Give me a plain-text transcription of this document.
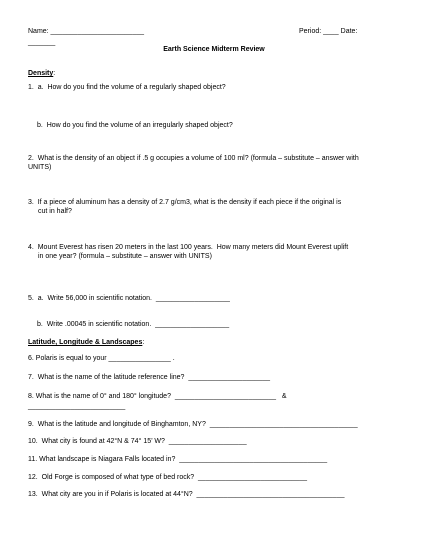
Name: ________________________	Period: ____ Date:
_______
Earth Science Midterm Review
Density:
1.  a.  How do you find the volume of a regularly shaped object?
b.  How do you find the volume of an irregularly shaped object?
2.  What is the density of an object if .5 g occupies a volume of 100 ml? (formula – substitute – answer with
UNITS)
3.  If a piece of aluminum has a density of 2.7 g/cm3, what is the density if each piece if the original is
cut in half?
4.  Mount Everest has risen 20 meters in the last 100 years.  How many meters did Mount Everest uplift
in one year? (formula – substitute – answer with UNITS)
5.  a.  Write 56,000 in scientific notation.  ___________________
b.  Write .00045 in scientific notation.  ___________________
Latitude, Longitude & Landscapes:
6. Polaris is equal to your ________________ .
7.  What is the name of the latitude reference line?  _____________________
8. What is the name of 0° and 180° longitude?  __________________________   &
_________________________
9.  What is the latitude and longitude of Binghamton, NY?  ______________________________________
10.  What city is found at 42°N & 74° 15’ W?  ____________________
11. What landscape is Niagara Falls located in?  ______________________________________
12.  Old Forge is composed of what type of bed rock?  ____________________________
13.  What city are you in if Polaris is located at 44°N?  ______________________________________
